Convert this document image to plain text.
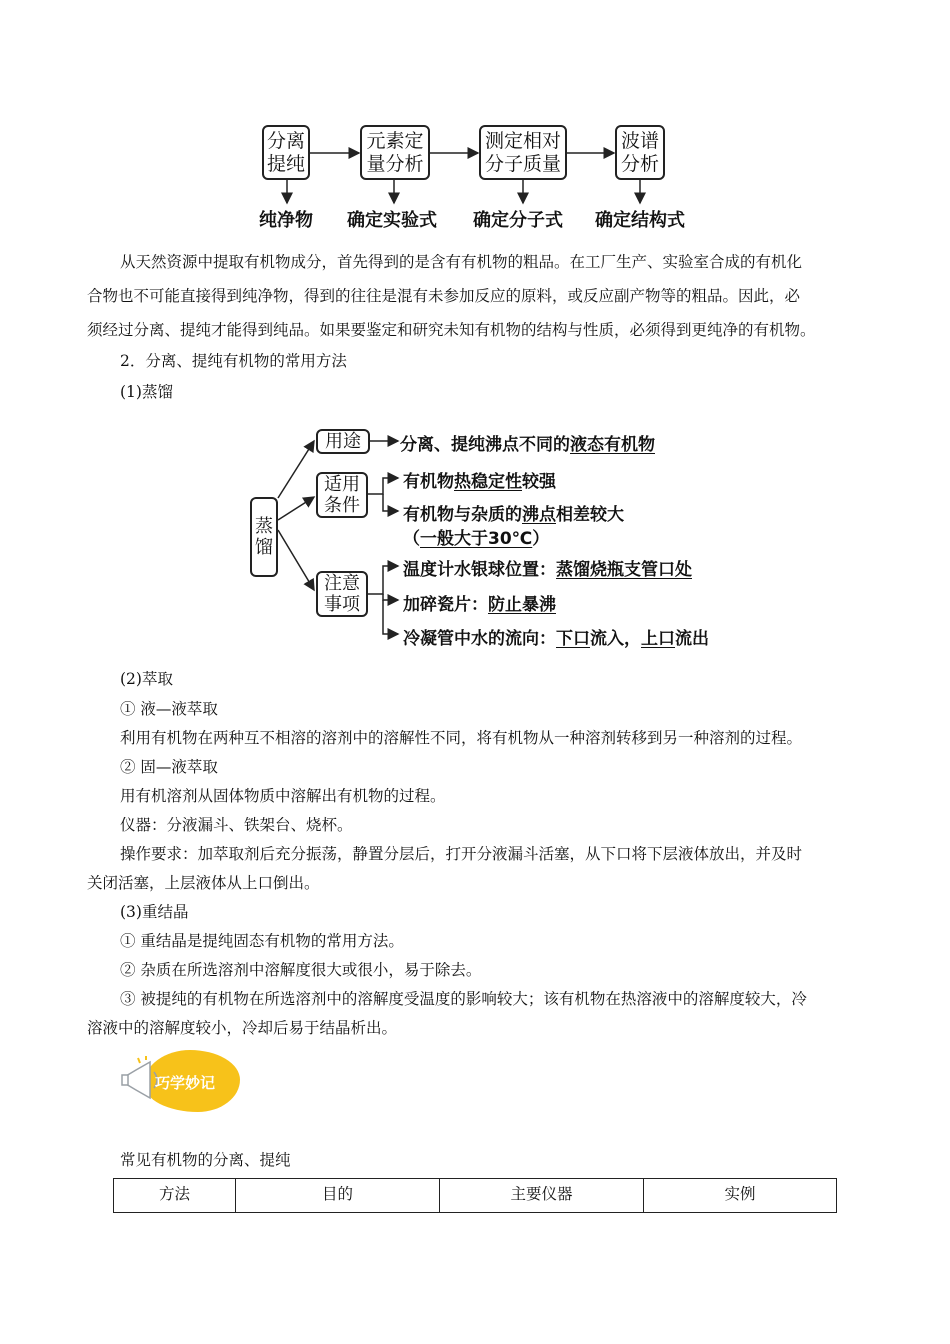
分离
提纯
元素定
量分析
测定相对
分子质量
波谱
分析
纯净物 确定实验式 确定分子式 确定结构式
从天然资源中提取有机物成分，首先得到的是含有有机物的粗品。在工厂生产、实验室合成的有机化
合物也不可能直接得到纯净物，得到的往往是混有未参加反应的原料，或反应副产物等的粗品。因此，必
须经过分离、提纯才能得到纯品。如果要鉴定和研究未知有机物的结构与性质，必须得到更纯净的有机物。
2．分离、提纯有机物的常用方法
(1)蒸馏
蒸
馏
用途
适用
条件
注意
事项
分离、提纯沸点不同的液态有机物
有机物热稳定性较强
有机物与杂质的沸点相差较大
（一般大于30℃）
温度计水银球位置：蒸馏烧瓶支管口处
加碎瓷片：防止暴沸
冷凝管中水的流向：下口流入，上口流出
(2)萃取
① 液—液萃取
利用有机物在两种互不相溶的溶剂中的溶解性不同，将有机物从一种溶剂转移到另一种溶剂的过程。
② 固—液萃取
用有机溶剂从固体物质中溶解出有机物的过程。
仪器：分液漏斗、铁架台、烧杯。
操作要求：加萃取剂后充分振荡，静置分层后，打开分液漏斗活塞，从下口将下层液体放出，并及时
关闭活塞，上层液体从上口倒出。
(3)重结晶
① 重结晶是提纯固态有机物的常用方法。
② 杂质在所选溶剂中溶解度很大或很小，易于除去。
③ 被提纯的有机物在所选溶剂中的溶解度受温度的影响较大；该有机物在热溶液中的溶解度较大，冷
溶液中的溶解度较小，冷却后易于结晶析出。
巧学妙记
常见有机物的分离、提纯
方法	目的	主要仪器	实例
